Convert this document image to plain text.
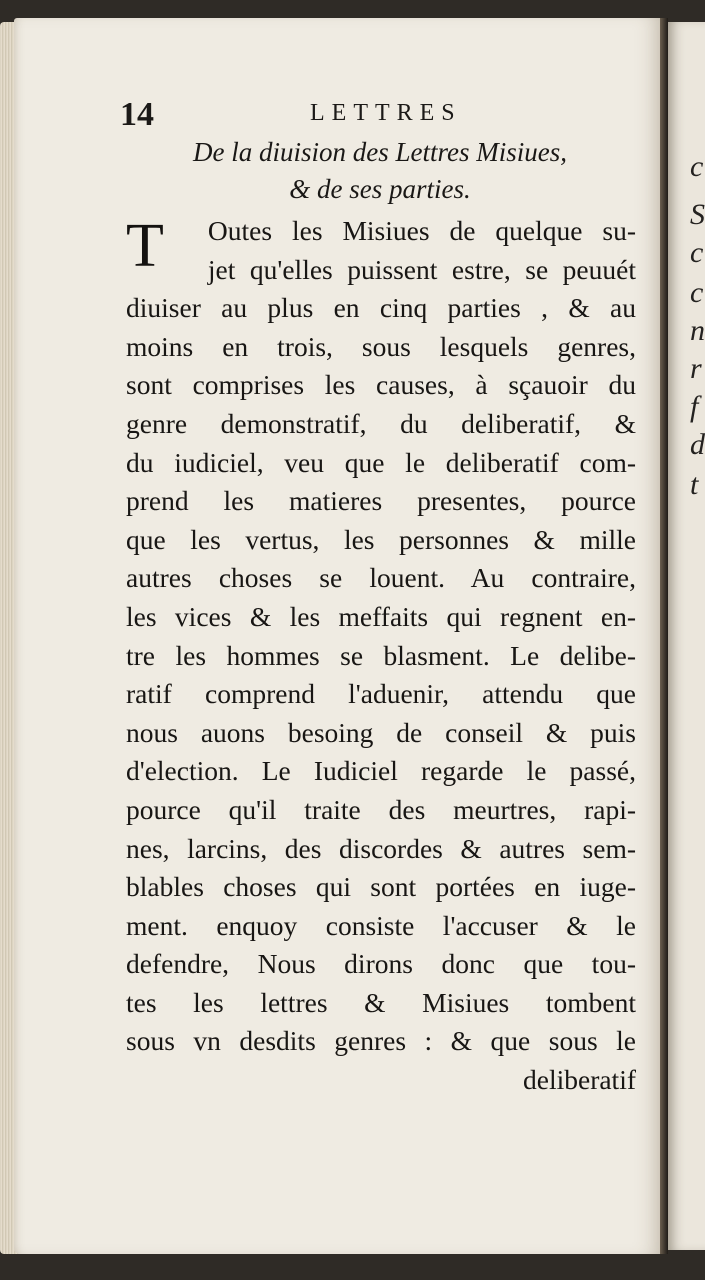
c
S
c
c
n
r
f
d
t
14	LETTRES
De la diuision des Lettres Misiues,
& de ses parties.
T	Outes les Misiues de quelque su-
jet qu'elles puissent estre, se peuuét
diuiser au plus en cinq parties , & au
moins en trois, sous lesquels genres,
sont comprises les causes, à sçauoir du
genre demonstratif, du deliberatif, &
du iudiciel, veu que le deliberatif com-
prend les matieres presentes, pource
que les vertus, les personnes & mille
autres choses se louent. Au contraire,
les vices & les meffaits qui regnent en-
tre les hommes se blasment. Le delibe-
ratif comprend l'aduenir, attendu que
nous auons besoing de conseil & puis
d'election. Le Iudiciel regarde le passé,
pource qu'il traite des meurtres, rapi-
nes, larcins, des discordes & autres sem-
blables choses qui sont portées en iuge-
ment. enquoy consiste l'accuser & le
defendre, Nous dirons donc que tou-
tes les lettres & Misiues tombent
sous vn desdits genres : & que sous le
deliberatif
